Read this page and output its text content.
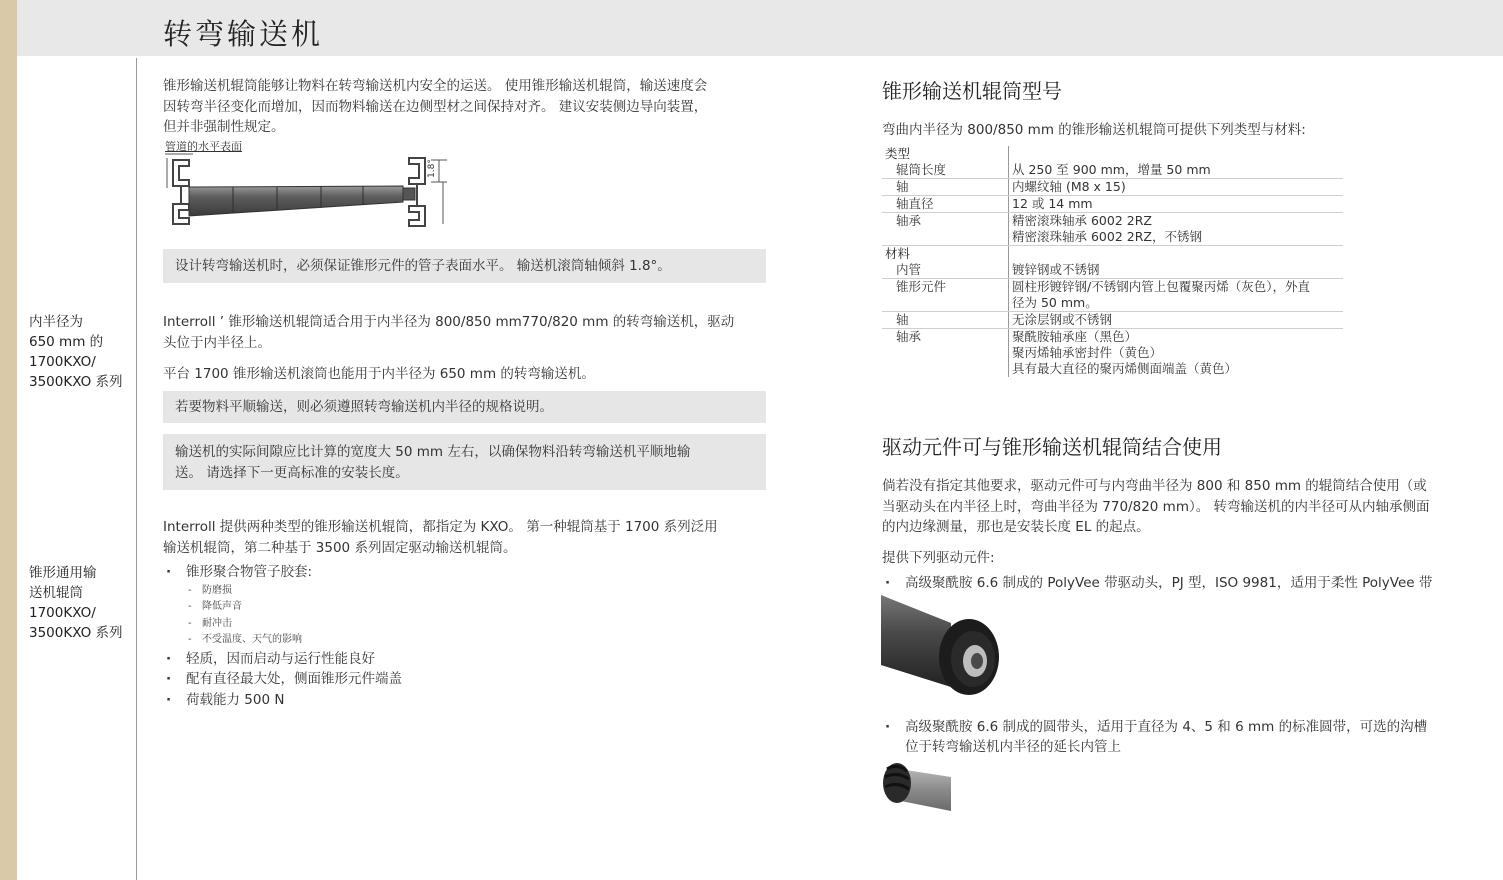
转弯输送机
内半径为
650 mm 的
1700KXO/
3500KXO 系列
锥形通用输
送机辊筒
1700KXO/
3500KXO 系列
锥形输送机辊筒能够让物料在转弯输送机内安全的运送。 使用锥形输送机辊筒，输送速度会
因转弯半径变化而增加，因而物料输送在边侧型材之间保持对齐。 建议安装侧边导向装置，
但并非强制性规定。
管道的水平表面
1.8°
设计转弯输送机时，必须保证锥形元件的管子表面水平。 输送机滚筒轴倾斜 1.8°。
Interroll ’ 锥形输送机辊筒适合用于内半径为 800/850 mm770/820 mm 的转弯输送机，驱动
头位于内半径上。
平台 1700 锥形输送机滚筒也能用于内半径为 650 mm 的转弯输送机。
若要物料平顺输送，则必须遵照转弯输送机内半径的规格说明。
输送机的实际间隙应比计算的宽度大 50 mm 左右，以确保物料沿转弯输送机平顺地输
送。 请选择下一更高标准的安装长度。
Interroll 提供两种类型的锥形输送机辊筒，都指定为 KXO。 第一种辊筒基于 1700 系列泛用
输送机辊筒，第二种基于 3500 系列固定驱动输送机辊筒。
· 锥形聚合物管子胶套:
- 防磨损
- 降低声音
- 耐冲击
- 不受温度、天气的影响
· 轻质，因而启动与运行性能良好
· 配有直径最大处，侧面锥形元件端盖
· 荷载能力 500 N
锥形输送机辊筒型号
弯曲内半径为 800/850 mm 的锥形输送机辊筒可提供下列类型与材料:
类型	
辊筒长度	从 250 至 900 mm，增量 50 mm

轴	内螺纹轴 (M8 x 15)

轴直径	12 或 14 mm

轴承	精密滚珠轴承 6002 2RZ
精密滚珠轴承 6002 2RZ，不锈钢

材料	
内管	镀锌钢或不锈钢

锥形元件	圆柱形镀锌钢/不锈钢内管上包覆聚丙烯（灰色），外直
径为 50 mm。

轴	无涂层钢或不锈钢

轴承	聚酰胺轴承座（黑色）
聚丙烯轴承密封件（黄色）
具有最大直径的聚丙烯侧面端盖（黄色）
驱动元件可与锥形输送机辊筒结合使用
倘若没有指定其他要求，驱动元件可与内弯曲半径为 800 和 850 mm 的辊筒结合使用（或
当驱动头在内半径上时，弯曲半径为 770/820 mm）。 转弯输送机的内半径可从内轴承侧面
的内边缘测量，那也是安装长度 EL 的起点。
提供下列驱动元件:
· 高级聚酰胺 6.6 制成的 PolyVee 带驱动头，PJ 型，ISO 9981，适用于柔性 PolyVee 带
· 高级聚酰胺 6.6 制成的圆带头，适用于直径为 4、5 和 6 mm 的标准圆带，可选的沟槽
位于转弯输送机内半径的延长内管上
